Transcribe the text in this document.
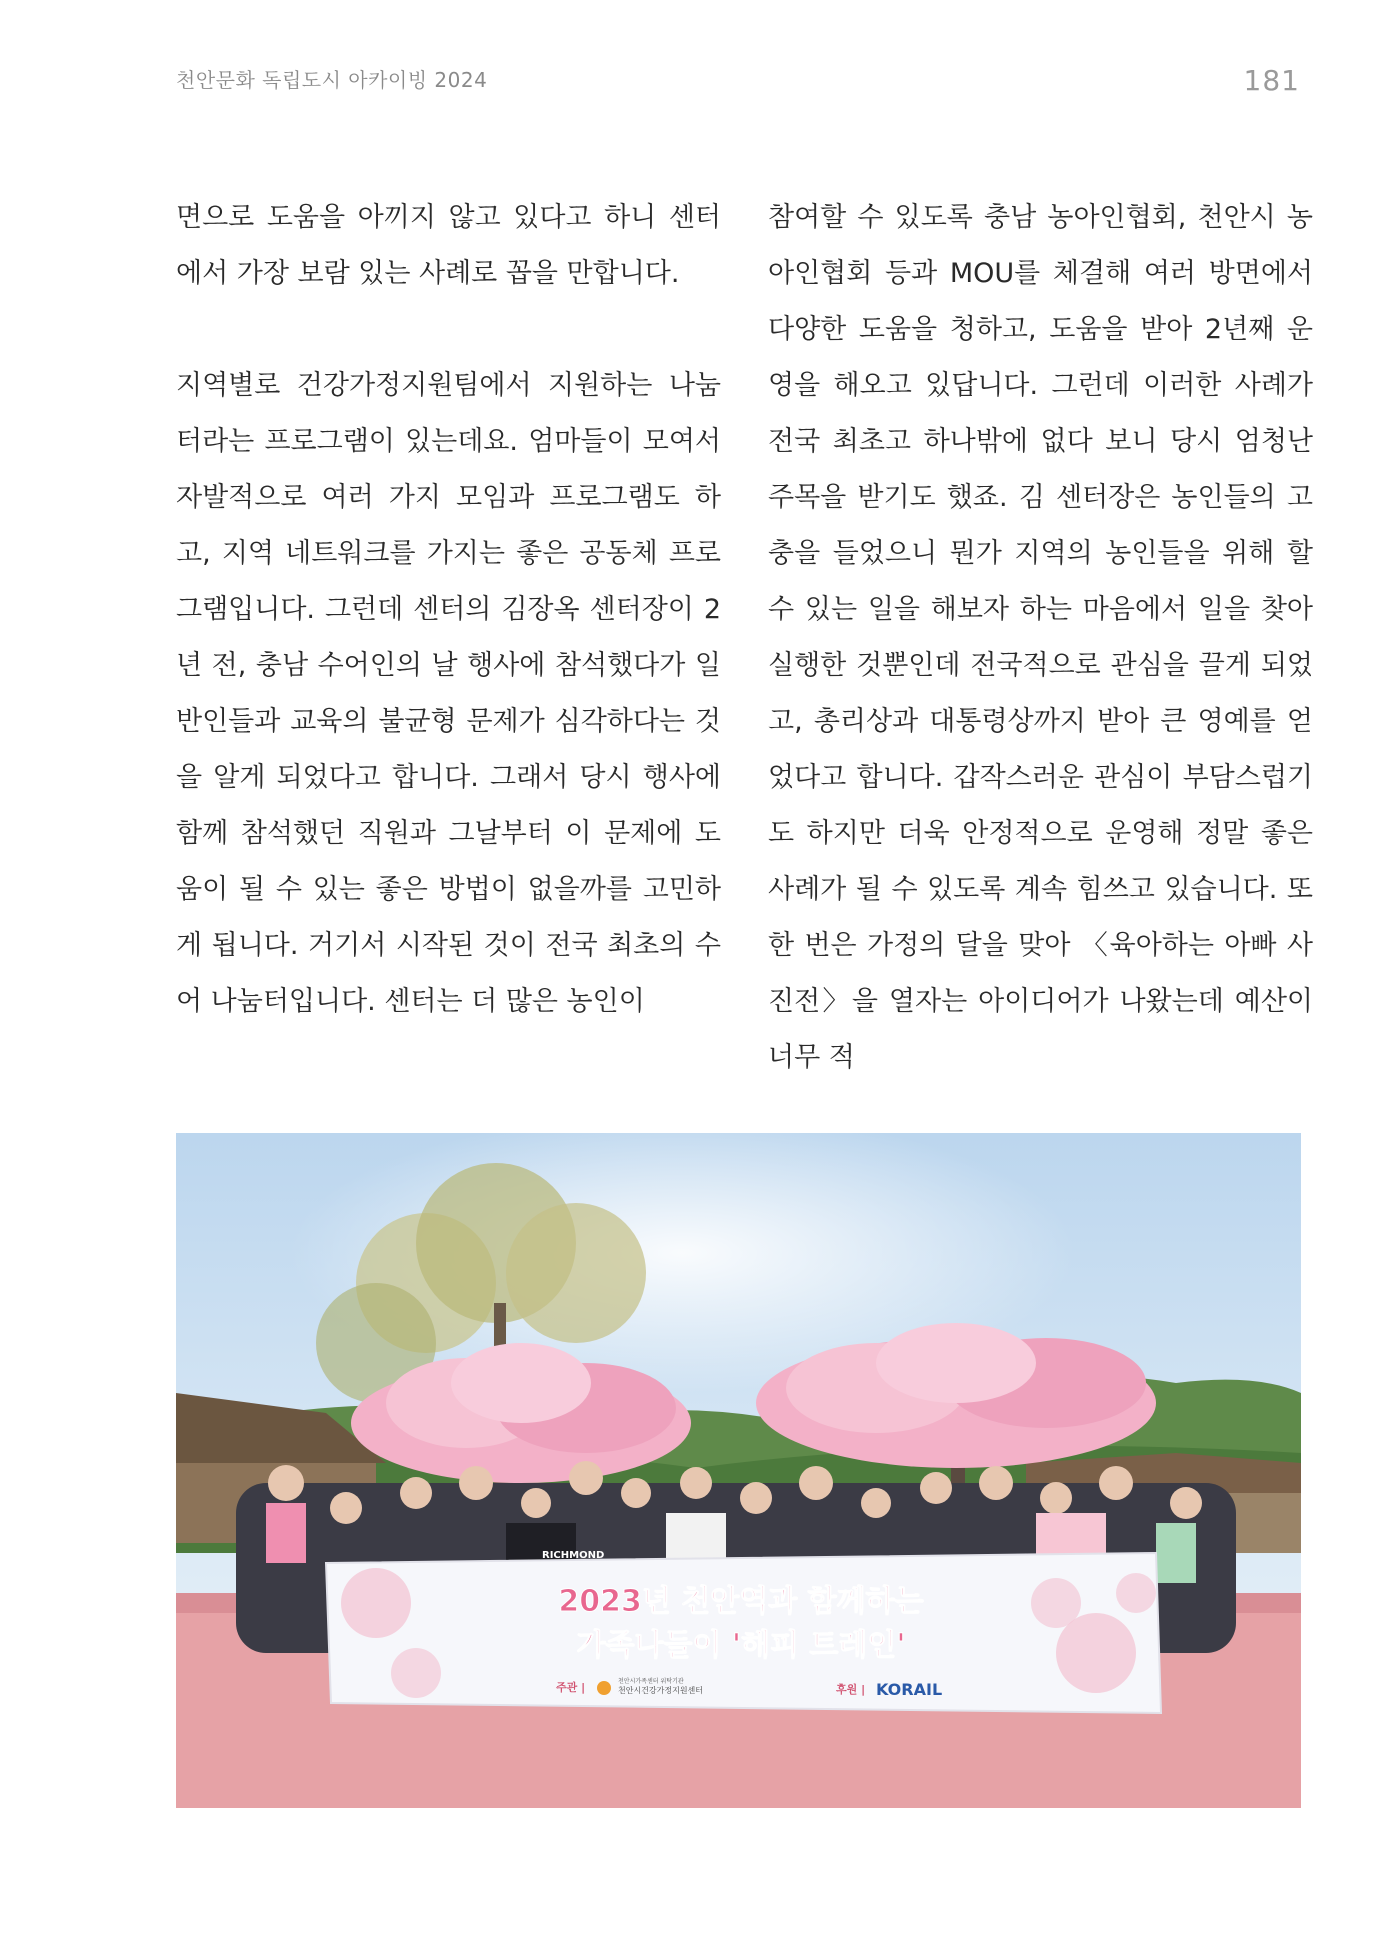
천안문화 독립도시 아카이빙 2024	181

면으로 도움을 아끼지 않고 있다고 하니 센터에서 가장 보람 있는 사례로 꼽을 만합니다.

지역별로 건강가정지원팀에서 지원하는 나눔터라는 프로그램이 있는데요. 엄마들이 모여서 자발적으로 여러 가지 모임과 프로그램도 하고, 지역 네트워크를 가지는 좋은 공동체 프로그램입니다. 그런데 센터의 김장옥 센터장이 2년 전, 충남 수어인의 날 행사에 참석했다가 일반인들과 교육의 불균형 문제가 심각하다는 것을 알게 되었다고 합니다. 그래서 당시 행사에 함께 참석했던 직원과 그날부터 이 문제에 도움이 될 수 있는 좋은 방법이 없을까를 고민하게 됩니다. 거기서 시작된 것이 전국 최초의 수어 나눔터입니다. 센터는 더 많은 농인이

참여할 수 있도록 충남 농아인협회, 천안시 농아인협회 등과 MOU를 체결해 여러 방면에서 다양한 도움을 청하고, 도움을 받아 2년째 운영을 해오고 있답니다. 그런데 이러한 사례가 전국 최초고 하나밖에 없다 보니 당시 엄청난 주목을 받기도 했죠. 김 센터장은 농인들의 고충을 들었으니 뭔가 지역의 농인들을 위해 할 수 있는 일을 해보자 하는 마음에서 일을 찾아 실행한 것뿐인데 전국적으로 관심을 끌게 되었고, 총리상과 대통령상까지 받아 큰 영예를 얻었다고 합니다. 갑작스러운 관심이 부담스럽기도 하지만 더욱 안정적으로 운영해 정말 좋은 사례가 될 수 있도록 계속 힘쓰고 있습니다. 또 한 번은 가정의 달을 맞아 〈육아하는 아빠 사진전〉을 열자는 아이디어가 나왔는데 예산이 너무 적

RICHMOND
2023년 천안역과 함께하는
가족나들이 '해피 트레인'
주관 |	천안시가족센터 위탁기관
천안시건강가정지원센터	후원 | KORAIL
